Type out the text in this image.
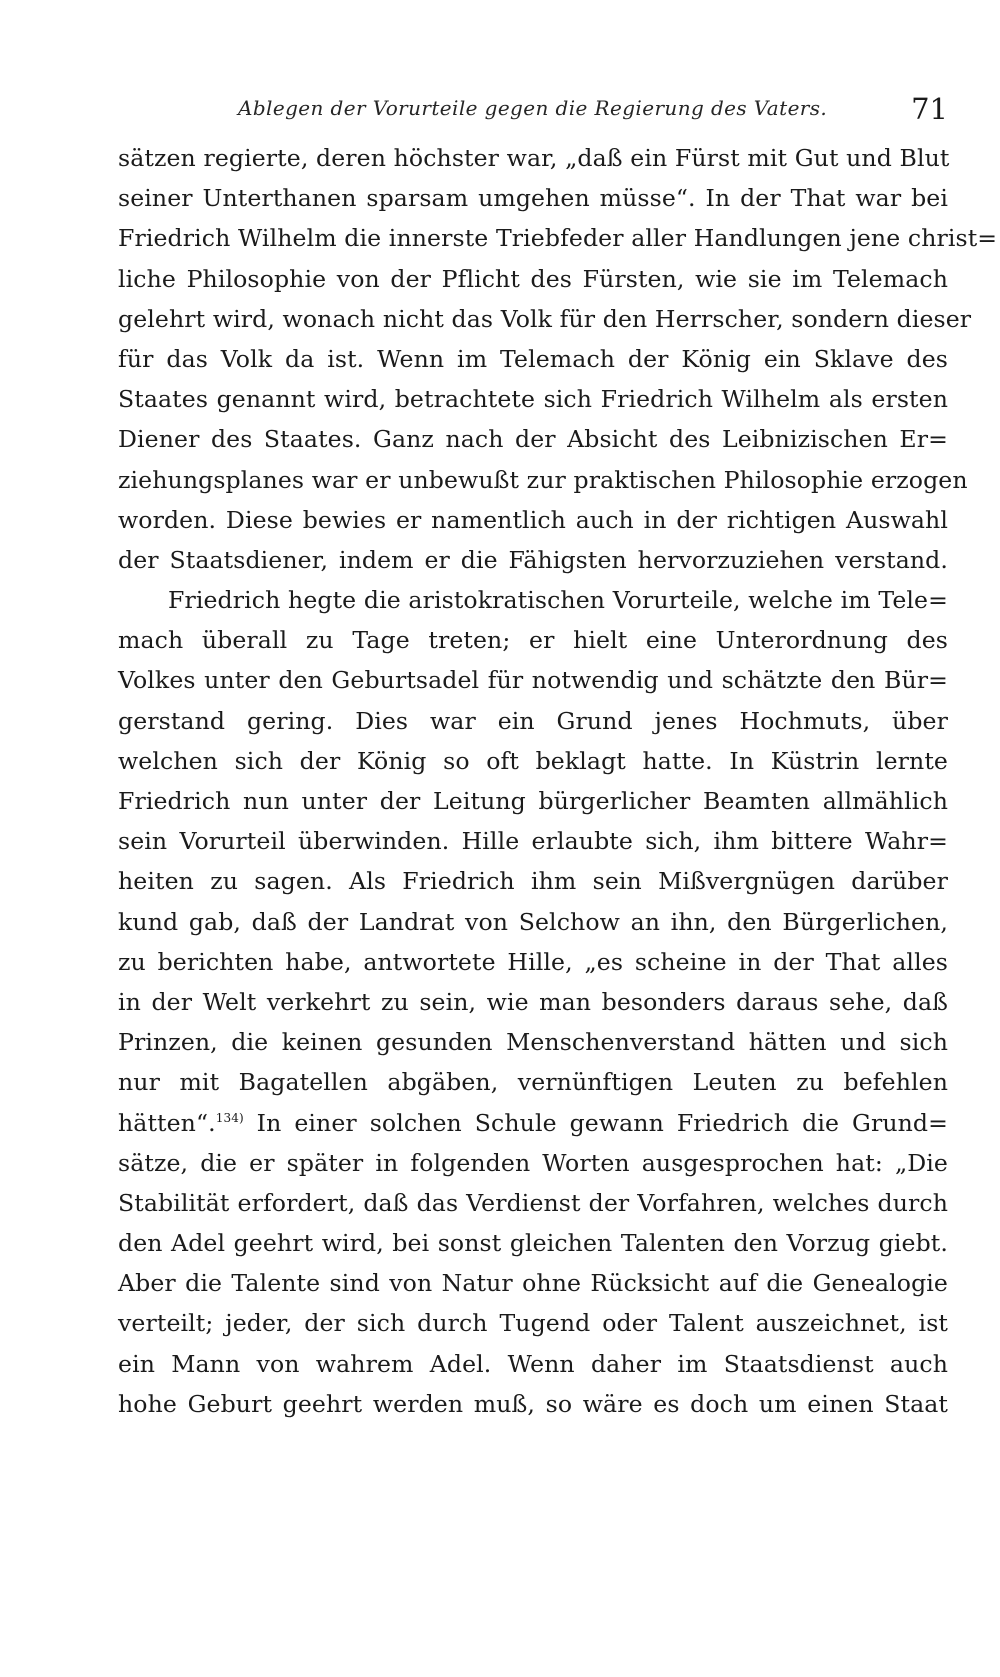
Ablegen der Vorurteile gegen die Regierung des Vaters.	71
sätzen regierte, deren höchster war, „daß ein Fürst mit Gut und Blut
seiner Unterthanen sparsam umgehen müsse“. In der That war bei
Friedrich Wilhelm die innerste Triebfeder aller Handlungen jene christ=
liche Philosophie von der Pflicht des Fürsten, wie sie im Telemach
gelehrt wird, wonach nicht das Volk für den Herrscher, sondern dieser
für das Volk da ist. Wenn im Telemach der König ein Sklave des
Staates genannt wird, betrachtete sich Friedrich Wilhelm als ersten
Diener des Staates. Ganz nach der Absicht des Leibnizischen Er=
ziehungsplanes war er unbewußt zur praktischen Philosophie erzogen
worden. Diese bewies er namentlich auch in der richtigen Auswahl
der Staatsdiener, indem er die Fähigsten hervorzuziehen verstand.
Friedrich hegte die aristokratischen Vorurteile, welche im Tele=
mach überall zu Tage treten; er hielt eine Unterordnung des
Volkes unter den Geburtsadel für notwendig und schätzte den Bür=
gerstand gering. Dies war ein Grund jenes Hochmuts, über
welchen sich der König so oft beklagt hatte. In Küstrin lernte
Friedrich nun unter der Leitung bürgerlicher Beamten allmählich
sein Vorurteil überwinden. Hille erlaubte sich, ihm bittere Wahr=
heiten zu sagen. Als Friedrich ihm sein Mißvergnügen darüber
kund gab, daß der Landrat von Selchow an ihn, den Bürgerlichen,
zu berichten habe, antwortete Hille, „es scheine in der That alles
in der Welt verkehrt zu sein, wie man besonders daraus sehe, daß
Prinzen, die keinen gesunden Menschenverstand hätten und sich
nur mit Bagatellen abgäben, vernünftigen Leuten zu befehlen
hätten“.$^{134)}$ In einer solchen Schule gewann Friedrich die Grund=
sätze, die er später in folgenden Worten ausgesprochen hat: „Die
Stabilität erfordert, daß das Verdienst der Vorfahren, welches durch
den Adel geehrt wird, bei sonst gleichen Talenten den Vorzug giebt.
Aber die Talente sind von Natur ohne Rücksicht auf die Genealogie
verteilt; jeder, der sich durch Tugend oder Talent auszeichnet, ist
ein Mann von wahrem Adel. Wenn daher im Staatsdienst auch
hohe Geburt geehrt werden muß, so wäre es doch um einen Staat
